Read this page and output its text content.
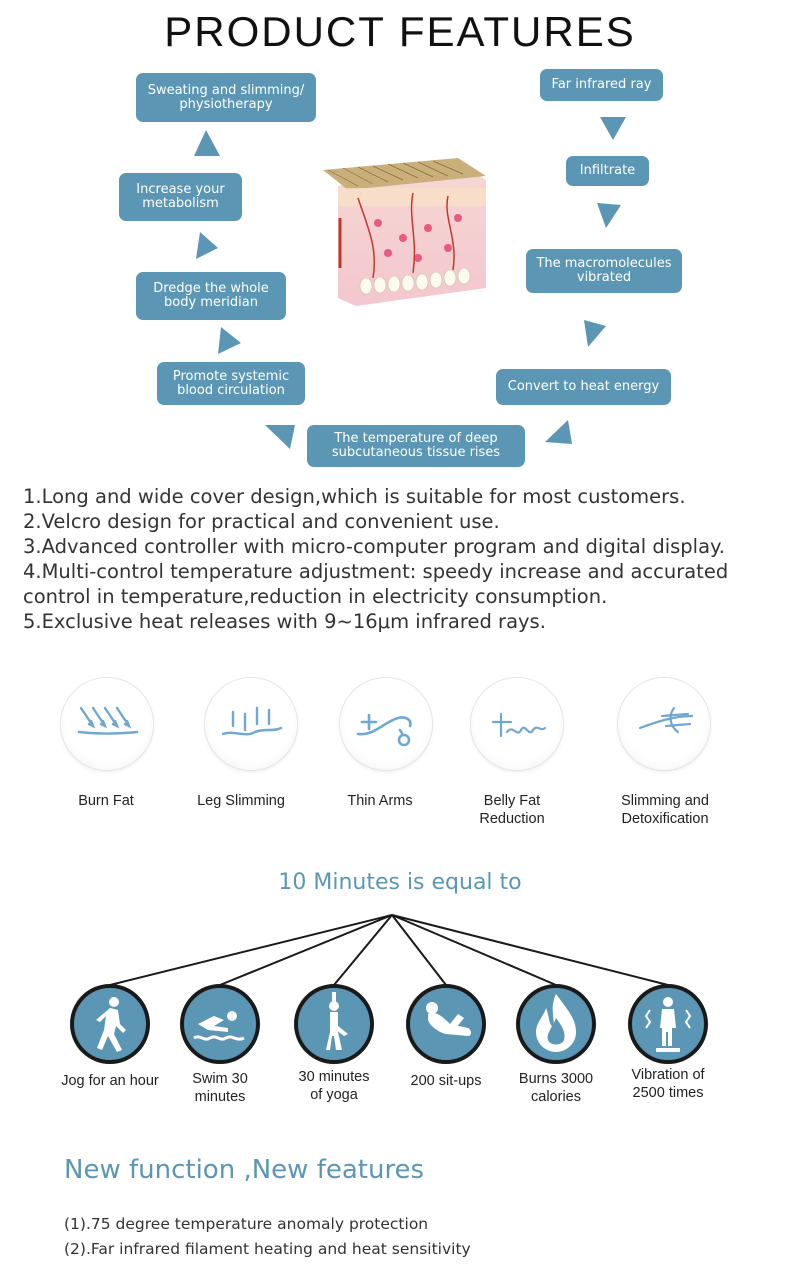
PRODUCT FEATURES
Far infrared ray
Infiltrate
The macromolecules
vibrated
Convert to heat energy
The temperature of deep
subcutaneous tissue rises
Promote systemic
blood circulation
Dredge the whole
body meridian
Increase your
metabolism
Sweating and slimming/
physiotherapy
1.Long and wide cover design,which is suitable for most customers.
2.Velcro design for practical and convenient use.
3.Advanced controller with micro-computer program and digital display.
4.Multi-control temperature adjustment: speedy increase and accurated control in temperature,reduction in electricity consumption.
5.Exclusive heat releases with 9~16μm infrared rays.
Burn Fat	Leg Slimming	Thin Arms	Belly Fat
Reduction
Slimming and
Detoxification
10 Minutes is equal to
Jog for an hour	Swim 30
minutes
30 minutes
of yoga
200 sit-ups	Burns 3000
calories
Vibration of
2500 times
New function ,New features
(1).75 degree temperature anomaly protection
(2).Far infrared filament heating and heat sensitivity
